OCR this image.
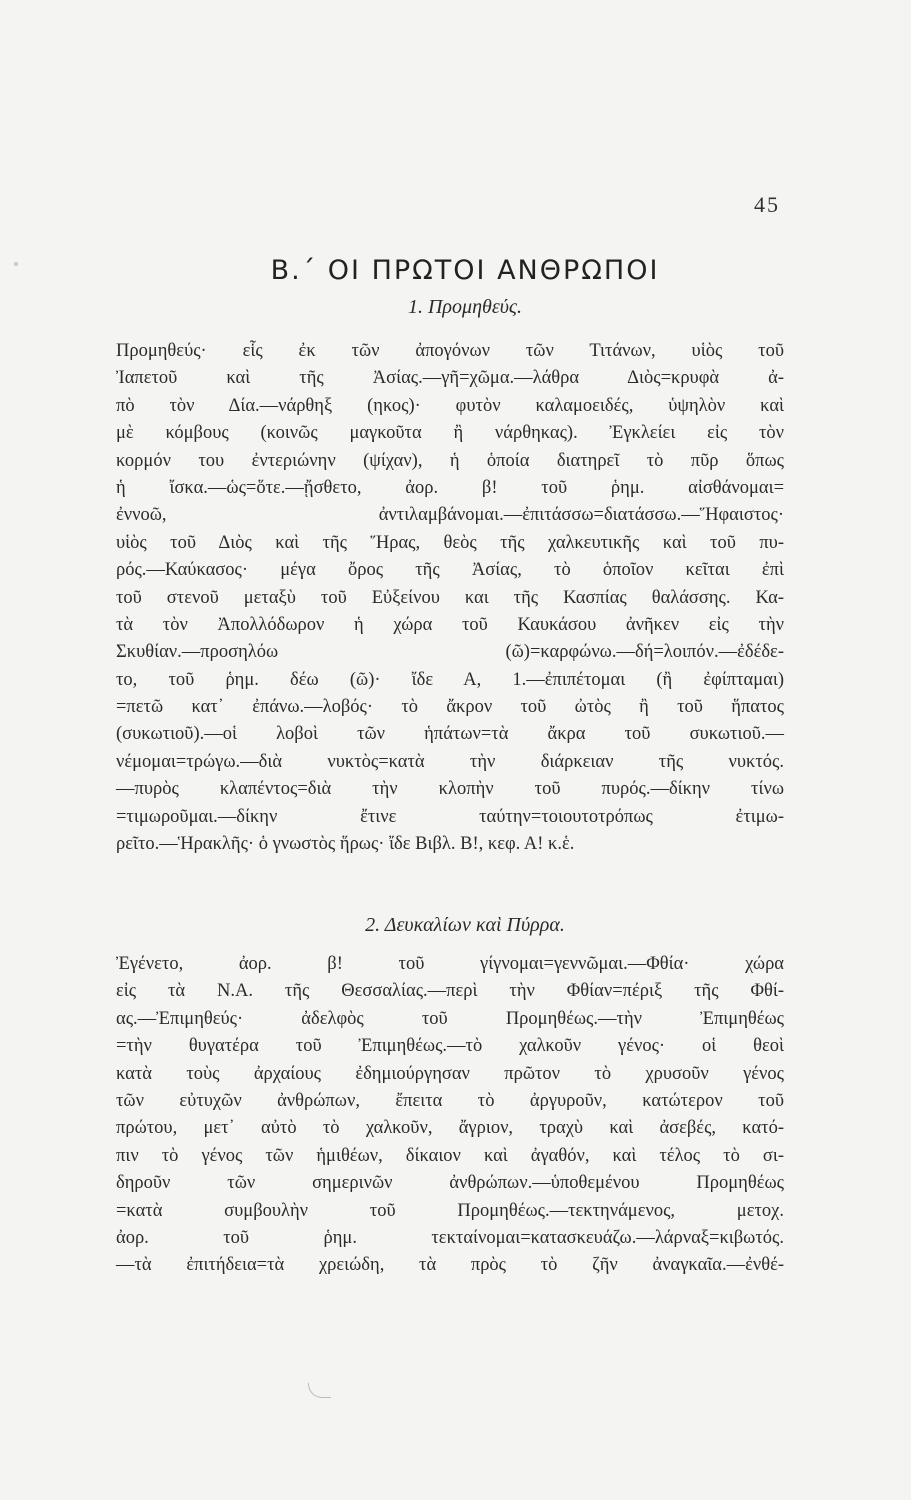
45
Β.΄ ΟΙ ΠΡΩΤΟΙ ΑΝΘΡΩΠΟΙ
1. Προμηθεύς.
Προμηθεύς· εἷς ἐκ τῶν ἀπογόνων τῶν Τιτάνων, υἱὸς τοῦ
Ἰαπετοῦ καὶ τῆς Ἀσίας.—γῆ=χῶμα.—λάθρα Διὸς=κρυφὰ ἀ-
πὸ τὸν Δία.—νάρθηξ (ηκος)· φυτὸν καλαμοειδές, ὑψηλὸν καὶ
μὲ κόμβους (κοινῶς μαγκοῦτα ἢ νάρθηκας). Ἐγκλείει εἰς τὸν
κορμόν του ἐντεριώνην (ψίχαν), ἡ ὁποία διατηρεῖ τὸ πῦρ ὅπως
ἡ ἴσκα.—ὡς=ὅτε.—ᾔσθετο, ἀορ. β! τοῦ ῥημ. αἰσθάνομαι=
ἐννοῶ, ἀντιλαμβάνομαι.—ἐπιτάσσω=διατάσσω.—Ἥφαιστος·
υἱὸς τοῦ Διὸς καὶ τῆς Ἥρας, θεὸς τῆς χαλκευτικῆς καὶ τοῦ πυ-
ρός.—Καύκασος· μέγα ὄρος τῆς Ἀσίας, τὸ ὁποῖον κεῖται ἐπὶ
τοῦ στενοῦ μεταξὺ τοῦ Εὐξείνου και τῆς Κασπίας θαλάσσης. Κα-
τὰ τὸν Ἀπολλόδωρον ἡ χώρα τοῦ Καυκάσου ἀνῆκεν εἰς τὴν
Σκυθίαν.—προσηλόω (ῶ)=καρφώνω.—δή=λοιπόν.—ἐδέδε-
το, τοῦ ῥημ. δέω (ῶ)· ἴδε Α, 1.—ἐπιπέτομαι (ἢ ἐφίπταμαι)
=πετῶ κατ᾽ ἐπάνω.—λοβός· τὸ ἄκρον τοῦ ὠτὸς ἢ τοῦ ἥπατος
(συκωτιοῦ).—οἱ λοβοὶ τῶν ἡπάτων=τὰ ἄκρα τοῦ συκωτιοῦ.—
νέμομαι=τρώγω.—διὰ νυκτὸς=κατὰ τὴν διάρκειαν τῆς νυκτός.
—πυρὸς κλαπέντος=διὰ τὴν κλοπὴν τοῦ πυρός.—δίκην τίνω
=τιμωροῦμαι.—δίκην ἔτινε ταύτην=τοιουτοτρόπως ἐτιμω-
ρεῖτο.—Ἡρακλῆς· ὁ γνωστὸς ἥρως· ἴδε Βιβλ. Β!, κεφ. Α! κ.ἑ.
2. Δευκαλίων καὶ Πύρρα.
Ἐγένετο, ἀορ. β! τοῦ γίγνομαι=γεννῶμαι.—Φθία· χώρα
εἰς τὰ Ν.Α. τῆς Θεσσαλίας.—περὶ τὴν Φθίαν=πέριξ τῆς Φθί-
ας.—Ἐπιμηθεύς· ἀδελφὸς τοῦ Προμηθέως.—τὴν Ἐπιμηθέως
=τὴν θυγατέρα τοῦ Ἐπιμηθέως.—τὸ χαλκοῦν γένος· οἱ θεοὶ
κατὰ τοὺς ἀρχαίους ἐδημιούργησαν πρῶτον τὸ χρυσοῦν γένος
τῶν εὐτυχῶν ἀνθρώπων, ἔπειτα τὸ ἀργυροῦν, κατώτερον τοῦ
πρώτου, μετ᾽ αὐτὸ τὸ χαλκοῦν, ἄγριον, τραχὺ καὶ ἀσεβές, κατό-
πιν τὸ γένος τῶν ἡμιθέων, δίκαιον καὶ ἀγαθόν, καὶ τέλος τὸ σι-
δηροῦν τῶν σημερινῶν ἀνθρώπων.—ὑποθεμένου Προμηθέως
=κατὰ συμβουλὴν τοῦ Προμηθέως.—τεκτηνάμενος, μετοχ.
ἀορ. τοῦ ῥημ. τεκταίνομαι=κατασκευάζω.—λάρναξ=κιβωτός.
—τὰ ἐπιτήδεια=τὰ χρειώδη, τὰ πρὸς τὸ ζῆν ἀναγκαῖα.—ἐνθέ-
